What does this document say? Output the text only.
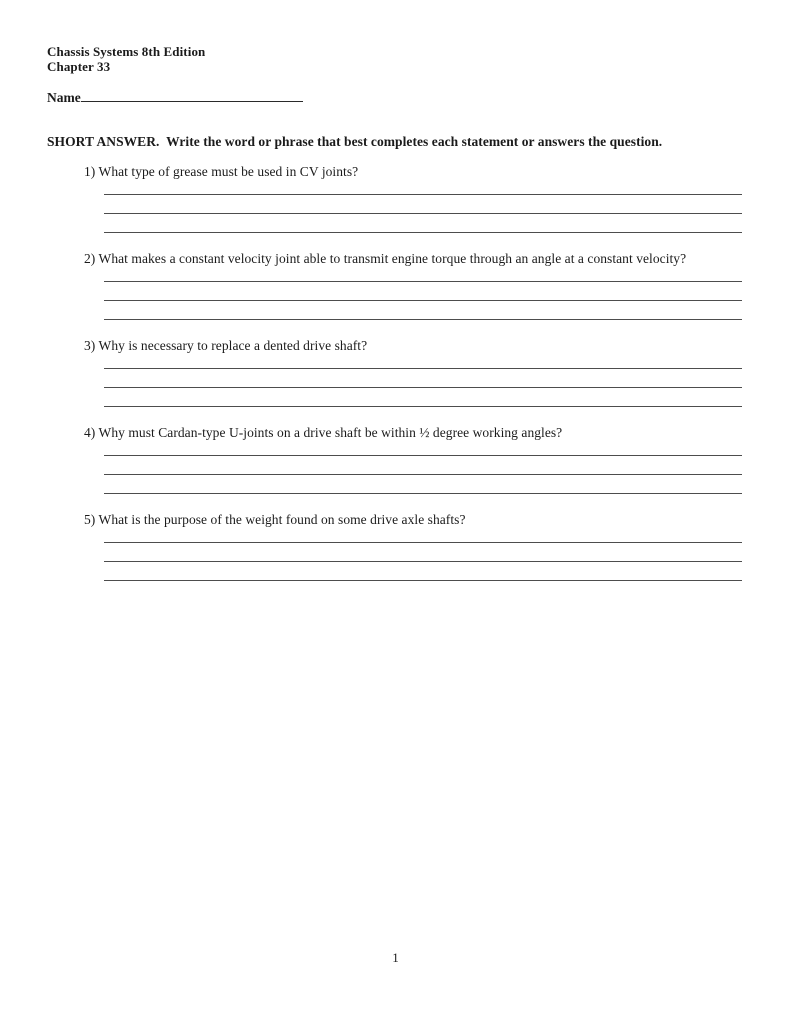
Chassis Systems 8th Edition
Chapter 33
Name
SHORT ANSWER.  Write the word or phrase that best completes each statement or answers the question.

1) What type of grease must be used in CV joints?

2) What makes a constant velocity joint able to transmit engine torque through an angle at a constant velocity?

3) Why is necessary to replace a dented drive shaft?

4) Why must Cardan-type U-joints on a drive shaft be within ½ degree working angles?

5) What is the purpose of the weight found on some drive axle shafts?

1
